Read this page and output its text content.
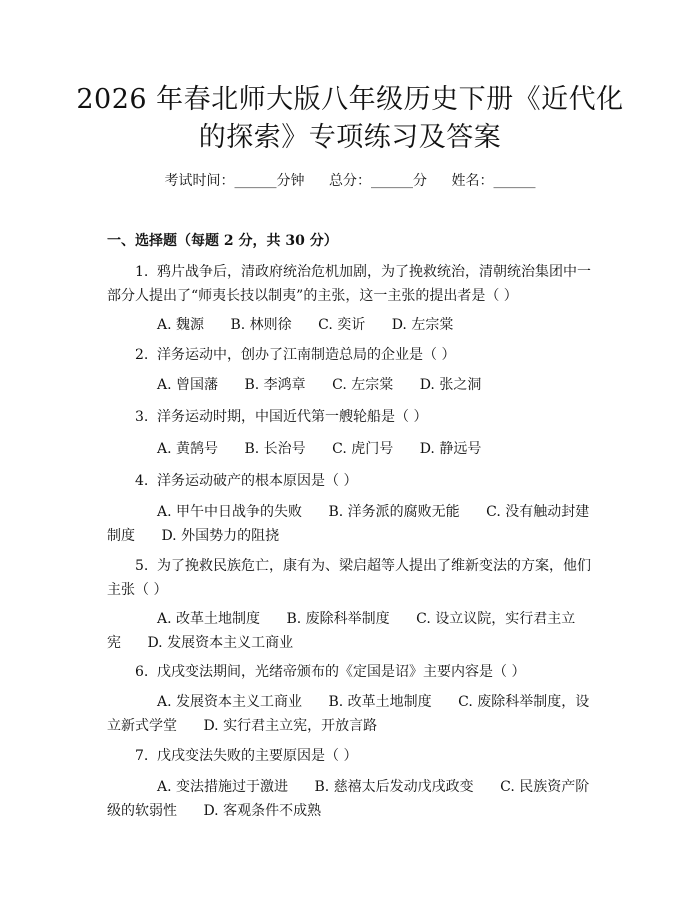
2026 年春北师大版八年级历史下册《近代化
的探索》专项练习及答案
考试时间：______分钟 总分：______分 姓名：______
一、选择题（每题 2 分，共 30 分）
1. 鸦片战争后，清政府统治危机加剧，为了挽救统治，清朝统治集团中一部分人提出了“师夷长技以制夷”的主张，这一主张的提出者是（ ）
A. 魏源 B. 林则徐 C. 奕䜣 D. 左宗棠
2. 洋务运动中，创办了江南制造总局的企业是（ ）
A. 曾国藩 B. 李鸿章 C. 左宗棠 D. 张之洞
3. 洋务运动时期，中国近代第一艘轮船是（ ）
A. 黄鹄号 B. 长治号 C. 虎门号 D. 静远号
4. 洋务运动破产的根本原因是（ ）
A. 甲午中日战争的失败 B. 洋务派的腐败无能 C. 没有触动封建制度 D. 外国势力的阻挠
5. 为了挽救民族危亡，康有为、梁启超等人提出了维新变法的方案，他们主张（ ）
A. 改革土地制度 B. 废除科举制度 C. 设立议院，实行君主立宪 D. 发展资本主义工商业
6. 戊戌变法期间，光绪帝颁布的《定国是诏》主要内容是（ ）
A. 发展资本主义工商业 B. 改革土地制度 C. 废除科举制度，设立新式学堂 D. 实行君主立宪，开放言路
7. 戊戌变法失败的主要原因是（ ）
A. 变法措施过于激进 B. 慈禧太后发动戊戌政变 C. 民族资产阶级的软弱性 D. 客观条件不成熟
